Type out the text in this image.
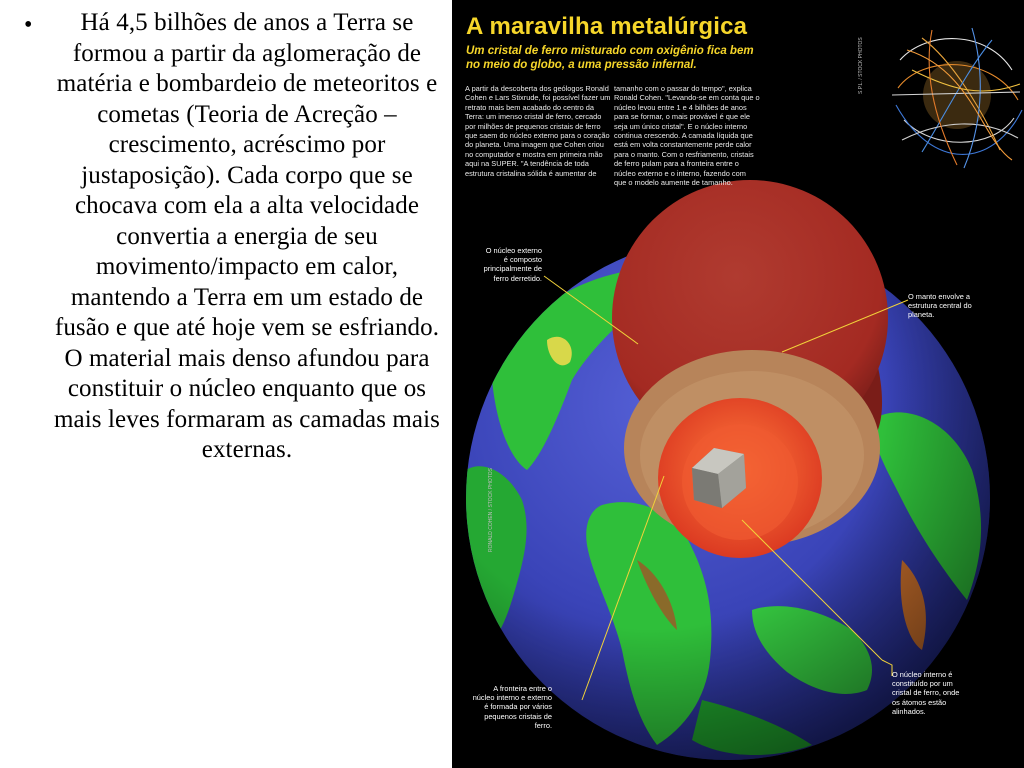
•	Há 4,5 bilhões de anos a Terra se formou a partir da aglomeração de matéria e bombardeio de meteoritos e cometas (Teoria de Acreção – crescimento, acréscimo por justaposição). Cada corpo que se chocava com ela a alta velocidade convertia a energia de seu movimento/impacto em calor, mantendo a Terra em um estado de fusão e que até hoje vem se esfriando. O material mais denso afundou para constituir o núcleo enquanto que os mais leves formaram as camadas mais externas.

A maravilha metalúrgica
Um cristal de ferro misturado com oxigênio fica bem no meio do globo, a uma pressão infernal.
A partir da descoberta dos geólogos Ronald Cohen e Lars Stixrude, foi possível fazer um retrato mais bem acabado do centro da Terra: um imenso cristal de ferro, cercado por milhões de pequenos cristais de ferro que saem do núcleo externo para o coração do planeta. Uma imagem que Cohen criou no computador e mostra em primeira mão aqui na SUPER. "A tendência de toda estrutura cristalina sólida é aumentar de
tamanho com o passar do tempo", explica Ronald Cohen. "Levando-se em conta que o núcleo levou entre 1 e 4 bilhões de anos para se formar, o mais provável é que ele seja um único cristal". E o núcleo interno continua crescendo. A camada líquida que está em volta constantemente perde calor para o manto. Com o resfriamento, cristais de ferro pulam para a fronteira entre o núcleo externo e o interno, fazendo com que o modelo aumente de tamanho.
O núcleo externo é composto principalmente de ferro derretido.
O manto envolve a estrutura central do planeta.
A fronteira entre o núcleo interno e externo é formada por vários pequenos cristais de ferro.
O núcleo interno é constituído por um cristal de ferro, onde os átomos estão alinhados.
S.P.L. / STOCK PHOTOS
RONALD COHEN / STOCK PHOTOS
